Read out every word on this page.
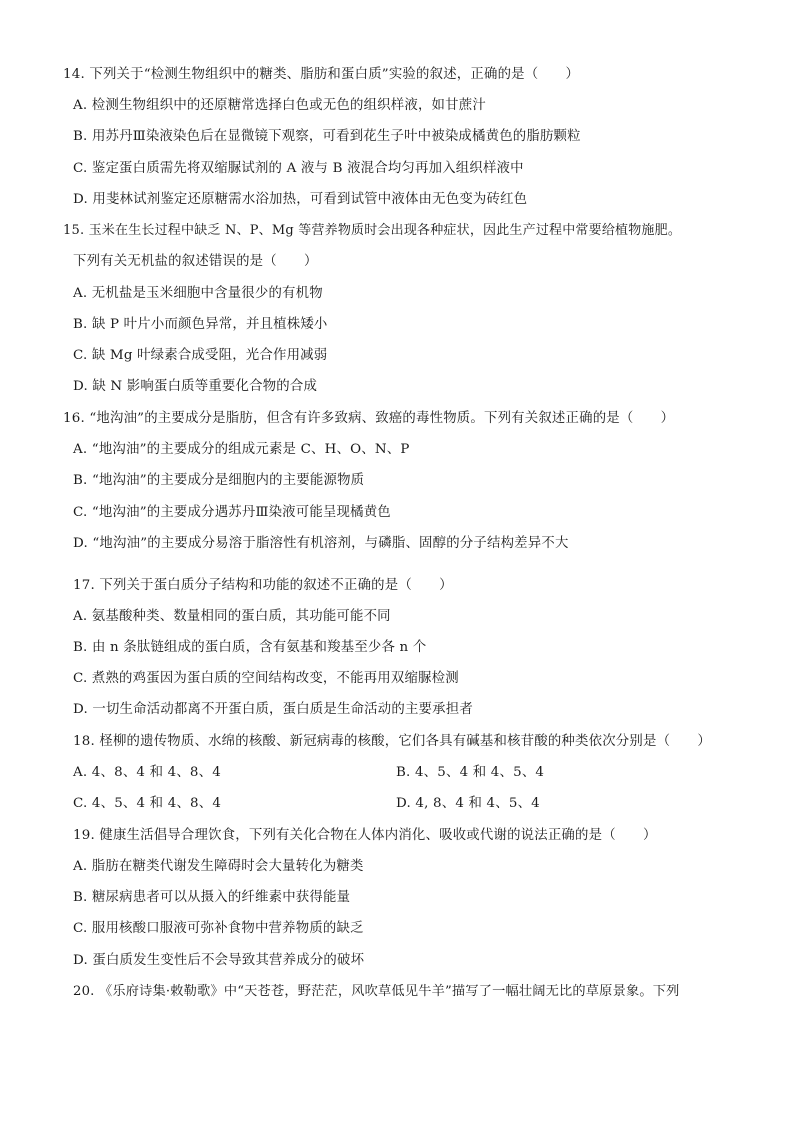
14. 下列关于“检测生物组织中的糖类、脂肪和蛋白质”实验的叙述，正确的是（　　）
A. 检测生物组织中的还原糖常选择白色或无色的组织样液，如甘蔗汁
B. 用苏丹Ⅲ染液染色后在显微镜下观察，可看到花生子叶中被染成橘黄色的脂肪颗粒
C. 鉴定蛋白质需先将双缩脲试剂的 A 液与 B 液混合均匀再加入组织样液中
D. 用斐林试剂鉴定还原糖需水浴加热，可看到试管中液体由无色变为砖红色
15. 玉米在生长过程中缺乏 N、P、Mg 等营养物质时会出现各种症状，因此生产过程中常要给植物施肥。
下列有关无机盐的叙述错误的是（　　）
A. 无机盐是玉米细胞中含量很少的有机物
B. 缺 P 叶片小而颜色异常，并且植株矮小
C. 缺 Mg 叶绿素合成受阻，光合作用减弱
D. 缺 N 影响蛋白质等重要化合物的合成
16. “地沟油”的主要成分是脂肪，但含有许多致病、致癌的毒性物质。下列有关叙述正确的是（　　）
A. “地沟油”的主要成分的组成元素是 C、H、O、N、P
B. “地沟油”的主要成分是细胞内的主要能源物质
C. “地沟油”的主要成分遇苏丹Ⅲ染液可能呈现橘黄色
D. “地沟油”的主要成分易溶于脂溶性有机溶剂，与磷脂、固醇的分子结构差异不大
17. 下列关于蛋白质分子结构和功能的叙述不正确的是（　　）
A. 氨基酸种类、数量相同的蛋白质，其功能可能不同
B. 由 n 条肽链组成的蛋白质，含有氨基和羧基至少各 n 个
C. 煮熟的鸡蛋因为蛋白质的空间结构改变，不能再用双缩脲检测
D. 一切生命活动都离不开蛋白质，蛋白质是生命活动的主要承担者
18. 柽柳的遗传物质、水绵的核酸、新冠病毒的核酸，它们各具有碱基和核苷酸的种类依次分别是（　　）
A. 4、8、4 和 4、8、4	B. 4、5、4 和 4、5、4
C. 4、5、4 和 4、8、4	D. 4, 8、4 和 4、5、4
19. 健康生活倡导合理饮食，下列有关化合物在人体内消化、吸收或代谢的说法正确的是（　　）
A. 脂肪在糖类代谢发生障碍时会大量转化为糖类
B. 糖尿病患者可以从摄入的纤维素中获得能量
C. 服用核酸口服液可弥补食物中营养物质的缺乏
D. 蛋白质发生变性后不会导致其营养成分的破坏
20. 《乐府诗集·敕勒歌》中“天苍苍，野茫茫，风吹草低见牛羊”描写了一幅壮阔无比的草原景象。下列
